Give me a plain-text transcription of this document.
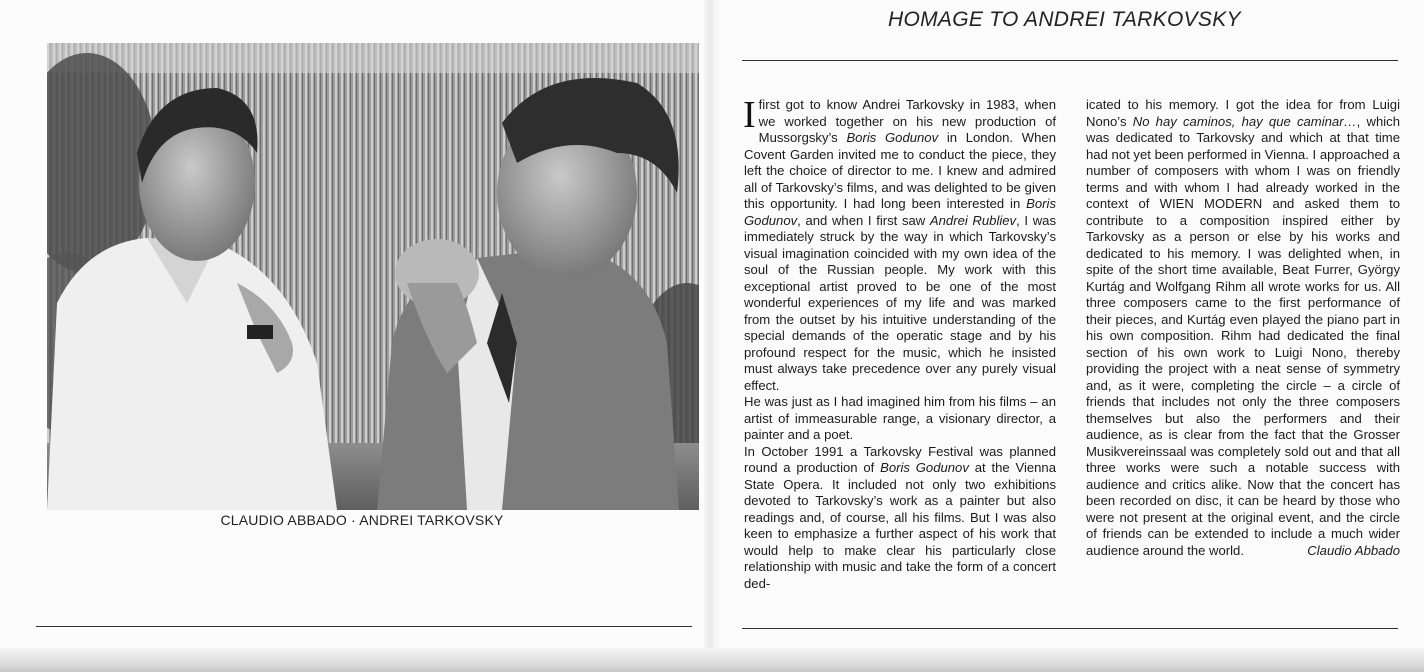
CLAUDIO ABBADO · ANDREI TARKOVSKY
HOMAGE TO ANDREI TARKOVSKY
I first got to know Andrei Tarkovsky in 1983, when we worked together on his new production of Mussorgsky’s Boris Godunov in London. When Covent Garden invited me to conduct the piece, they left the choice of director to me. I knew and admired all of Tarkovsky’s films, and was delighted to be given this opportunity. I had long been interested in Boris Godunov, and when I first saw Andrei Rubliev, I was immediately struck by the way in which Tarkovsky’s visual imagination coincided with my own idea of the soul of the Russian people. My work with this exceptional artist proved to be one of the most wonderful experiences of my life and was marked from the outset by his intuitive understanding of the special demands of the operatic stage and by his profound respect for the music, which he insisted must always take precedence over any purely visual effect.

He was just as I had imagined him from his films – an artist of immeasurable range, a visionary director, a painter and a poet.

In October 1991 a Tarkovsky Festival was planned round a production of Boris Godunov at the Vienna State Opera. It included not only two exhibitions devoted to Tarkovsky’s work as a painter but also readings and, of course, all his films. But I was also keen to emphasize a further aspect of his work that would help to make clear his particularly close relationship with music and take the form of a concert ded-

icated to his memory. I got the idea for from Luigi Nono’s No hay caminos, hay que caminar…, which was dedicated to Tarkovsky and which at that time had not yet been performed in Vienna. I approached a number of composers with whom I was on friendly terms and with whom I had already worked in the context of WIEN MODERN and asked them to contribute to a composition inspired either by Tarkovsky as a person or else by his works and dedicated to his memory. I was delighted when, in spite of the short time available, Beat Furrer, György Kurtág and Wolfgang Rihm all wrote works for us. All three composers came to the first performance of their pieces, and Kurtág even played the piano part in his own composition. Rihm had dedicated the final section of his own work to Luigi Nono, thereby providing the project with a neat sense of symmetry and, as it were, completing the circle – a circle of friends that includes not only the three composers themselves but also the performers and their audience, as is clear from the fact that the Grosser Musikvereinssaal was completely sold out and that all three works were such a notable success with audience and critics alike. Now that the concert has been recorded on disc, it can be heard by those who were not present at the original event, and the circle of friends can be extended to include a much wider audience around the world.	Claudio Abbado
